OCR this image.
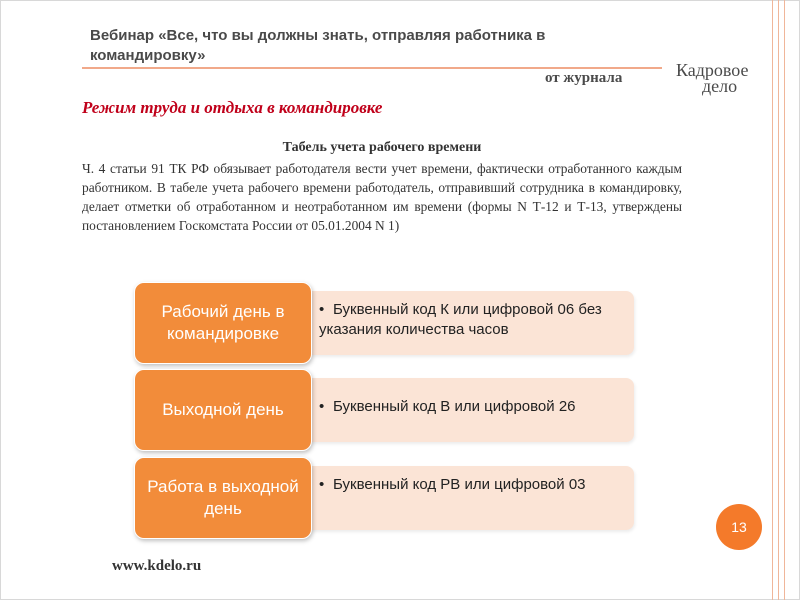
Вебинар «Все, что вы должны знать, отправляя работника в командировку»
от журнала	Кадровое
дело
Режим труда и отдыха в командировке
Табель учета рабочего времени
Ч. 4 статьи 91 ТК РФ обязывает работодателя вести учет времени, фактически отработанного каждым работником. В табеле учета рабочего времени работодатель, отправивший сотрудника в командировку, делает отметки об отработанном и неотработанном им времени (формы N Т-12 и Т-13, утверждены постановлением Госкомстата России от 05.01.2004 N 1)
• Буквенный код К или цифровой 06 без указания количества часов
Рабочий день в командировке
• Буквенный код В или цифровой 26
Выходной день
• Буквенный код РВ или цифровой 03
Работа в выходной день
13
www.kdelo.ru
